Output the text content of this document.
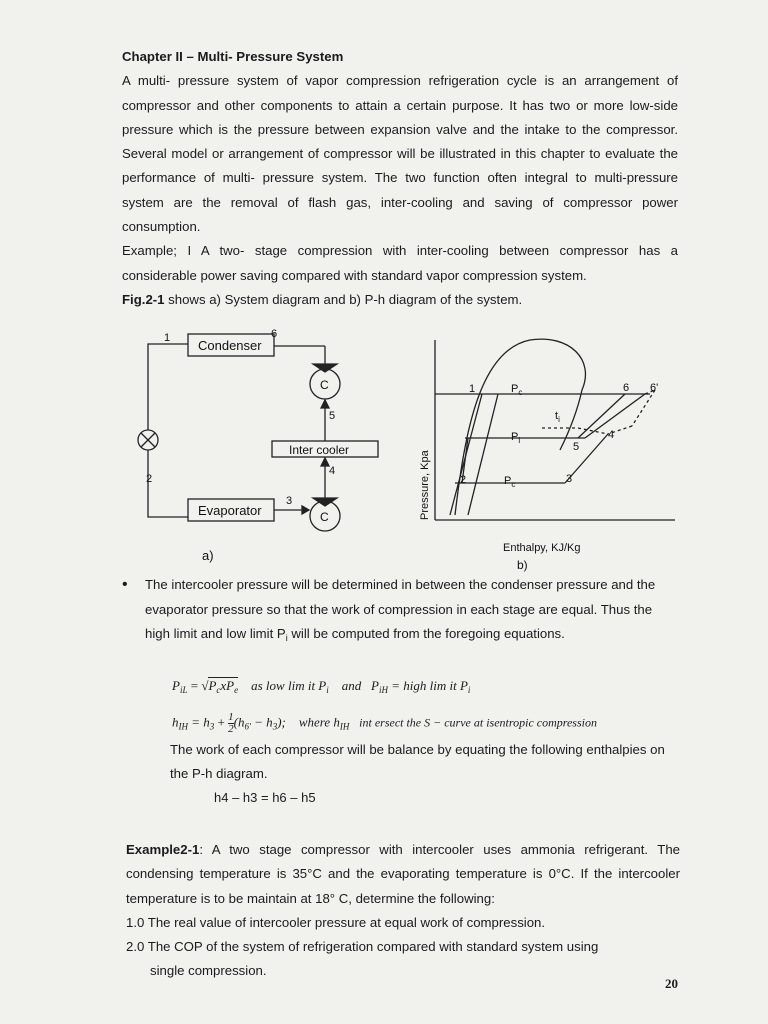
Chapter II – Multi- Pressure System

A multi- pressure system of vapor compression refrigeration cycle is an arrangement of compressor and other components to attain a certain purpose. It has two or more low-side pressure which is the pressure between expansion valve and the intake to the compressor. Several model or arrangement of compressor will be illustrated in this chapter to evaluate the performance of multi- pressure system. The two function often integral to multi-pressure system are the removal of flash gas, inter-cooling and saving of compressor power consumption.

Example; I A two- stage compression with inter-cooling between compressor has a considerable power saving compared with standard vapor compression system.

Fig.2-1 shows a) System diagram and b) P-h diagram of the system.

Condenser
Inter cooler
Evaporator
C
C
1
2
3
4
5
6
a)
$P_c$
$P_i$
$P_c$
$t_i$
1
2	3
4
5
6 6'
Pressure, Kpa
Enthalpy, KJ/Kg
b)
• The intercooler pressure will be determined in between the condenser pressure and the evaporator pressure so that the work of compression in each stage are equal. Thus the high limit and low limit $P_i$ will be computed from the foregoing equations.
$P_{iL} = √P_cxP_e$ as low lim it $P_i$ and $P_{iH}$ = high lim it $P_i$
$h_{IH} = h_3 + \frac{1}{2} (h_{6'} - h_3)$; where $h_{IH}$ int ersect the S − curve at isentropic compression
The work of each compressor will be balance by equating the following enthalpies on the P-h diagram.
h4 – h3 = h6 – h5

Example2-1: A two stage compressor with intercooler uses ammonia refrigerant. The condensing temperature is 35°C and the evaporating temperature is 0°C. If the intercooler temperature is to be maintain at 18° C, determine the following:

1.0 The real value of intercooler pressure at equal work of compression.
2.0 The COP of the system of refrigeration compared with standard system using
single compression.
20
